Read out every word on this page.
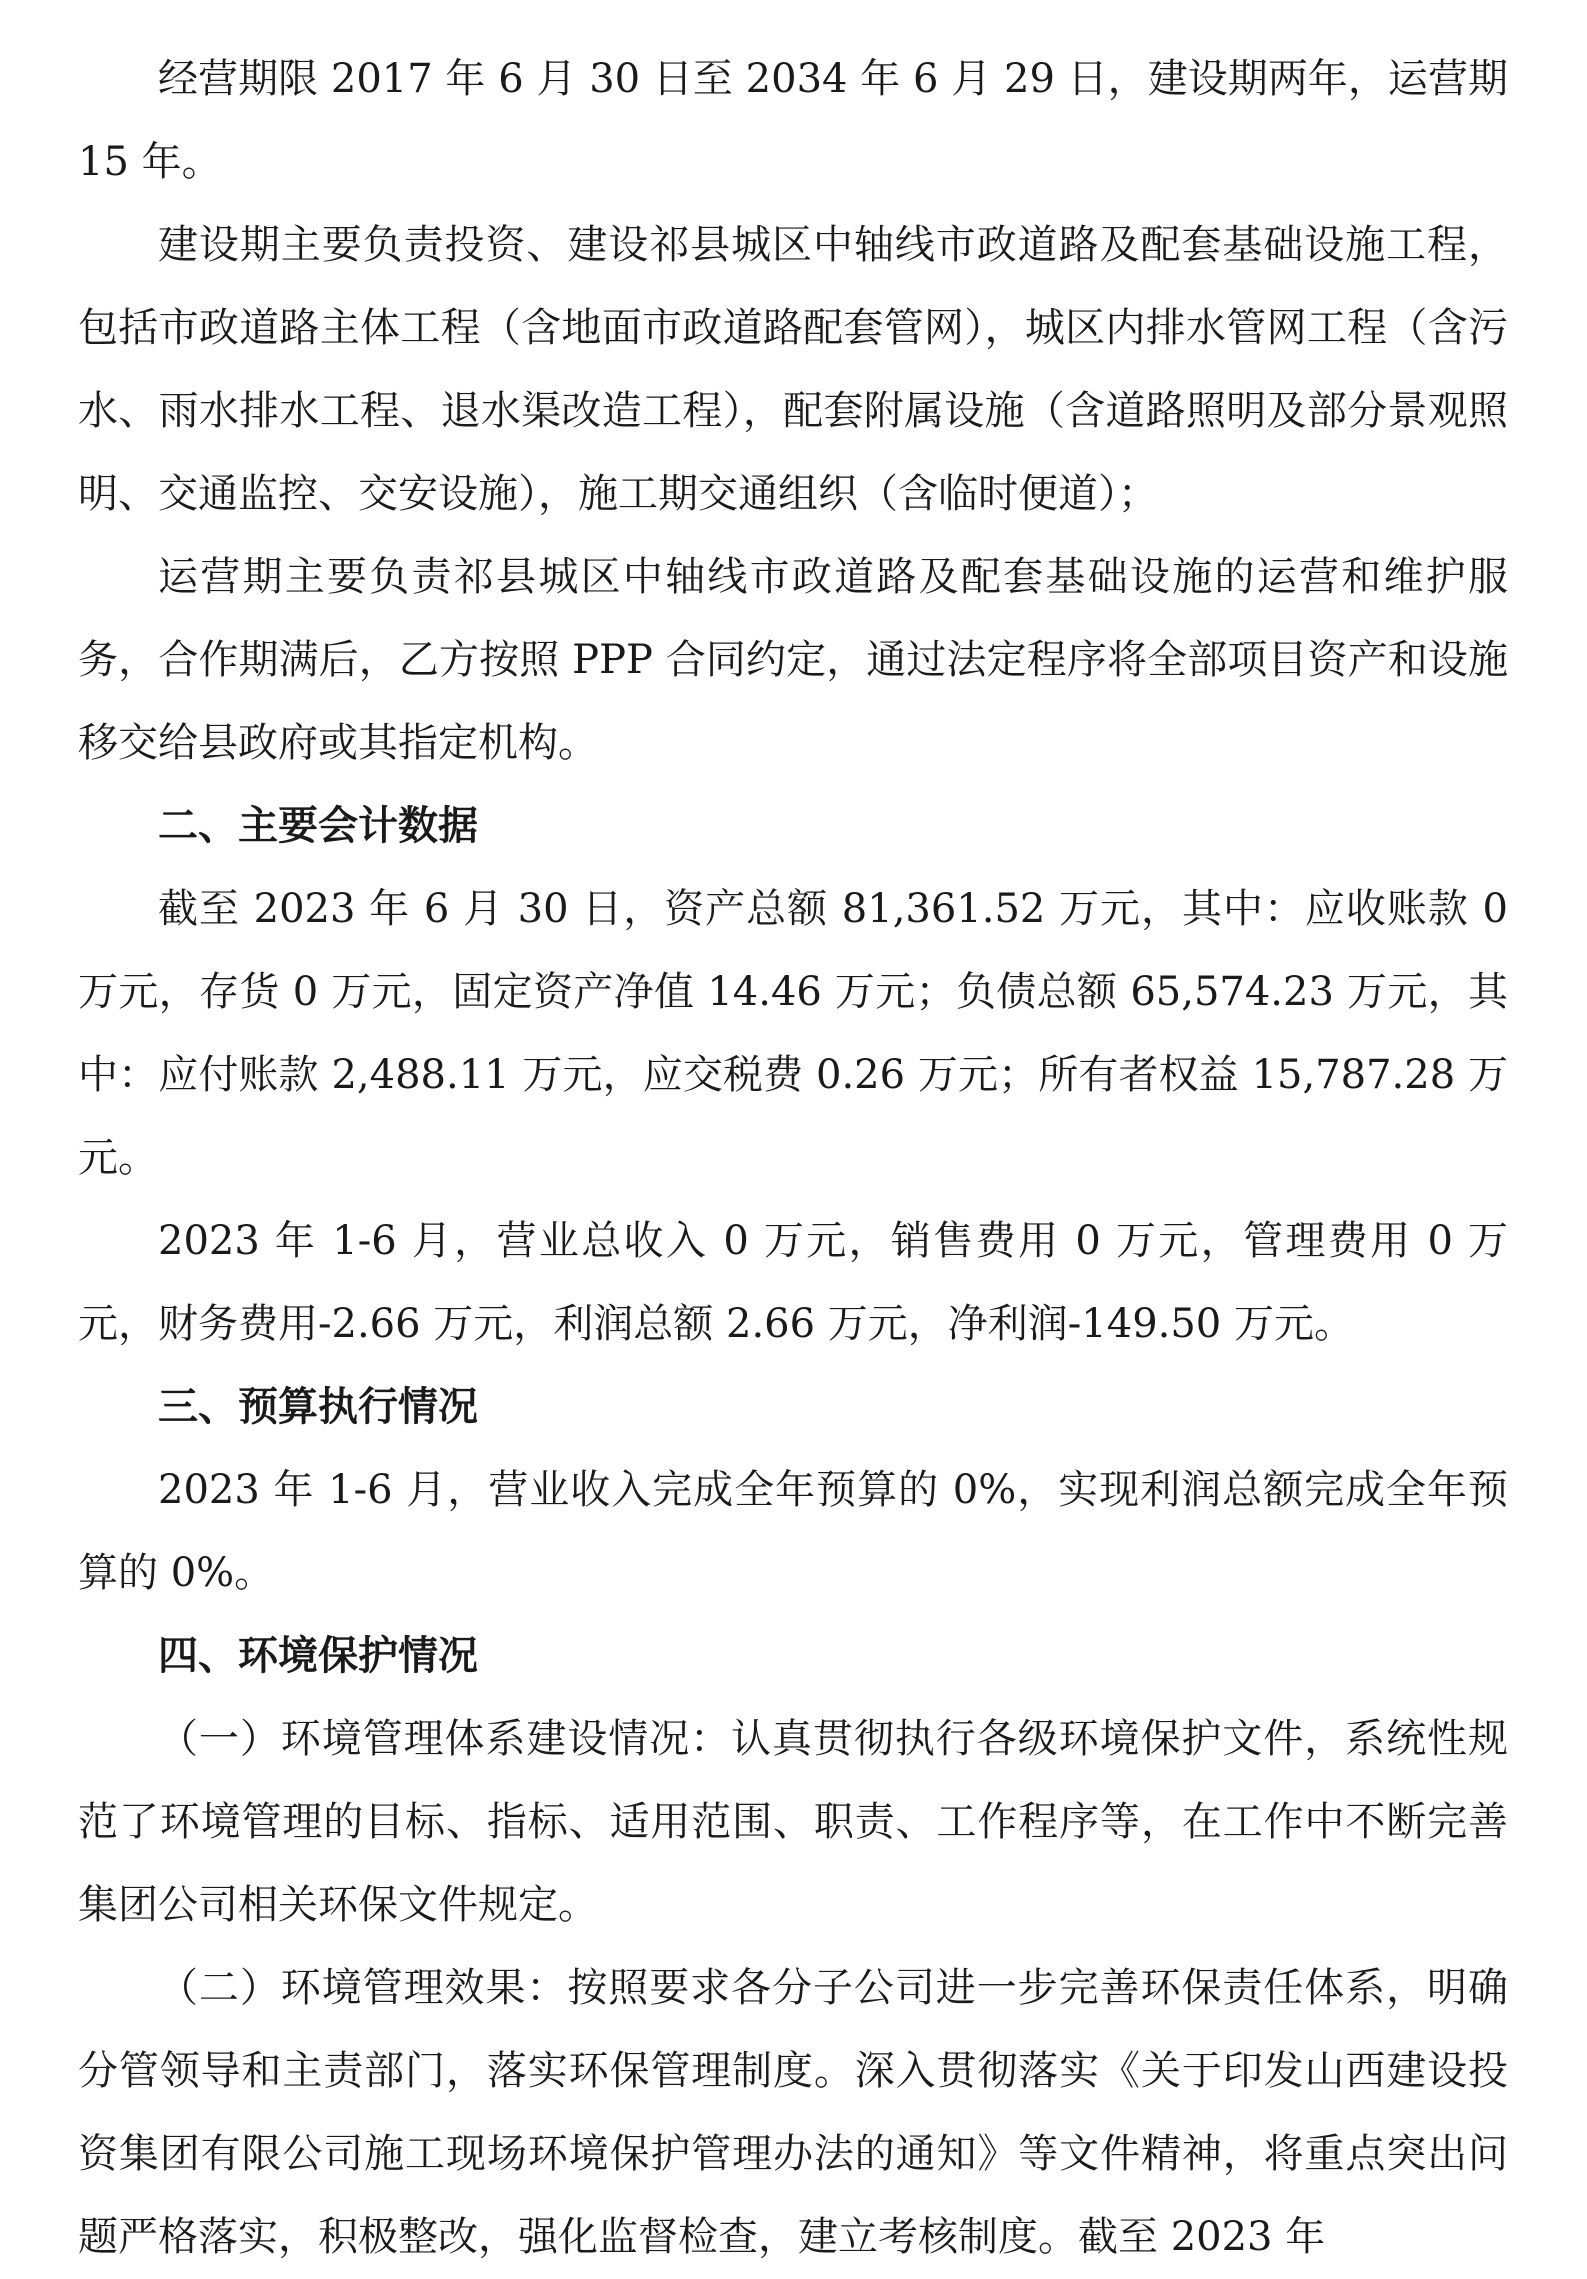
经营期限 2017 年 6 月 30 日至 2034 年 6 月 29 日，建设期两年，运营期 15 年。

建设期主要负责投资、建设祁县城区中轴线市政道路及配套基础设施工程，包括市政道路主体工程（含地面市政道路配套管网），城区内排水管网工程（含污水、雨水排水工程、退水渠改造工程），配套附属设施（含道路照明及部分景观照明、交通监控、交安设施），施工期交通组织（含临时便道）；

运营期主要负责祁县城区中轴线市政道路及配套基础设施的运营和维护服务，合作期满后，乙方按照 PPP 合同约定，通过法定程序将全部项目资产和设施移交给县政府或其指定机构。

二、主要会计数据

截至 2023 年 6 月 30 日，资产总额 81,361.52 万元，其中：应收账款 0 万元，存货 0 万元，固定资产净值 14.46 万元；负债总额 65,574.23 万元，其中：应付账款 2,488.11 万元，应交税费 0.26 万元；所有者权益 15,787.28 万元。

2023 年 1-6 月，营业总收入 0 万元，销售费用 0 万元，管理费用 0 万元，财务费用-2.66 万元，利润总额 2.66 万元，净利润-149.50 万元。

三、预算执行情况

2023 年 1-6 月，营业收入完成全年预算的 0%，实现利润总额完成全年预算的 0%。

四、环境保护情况

（一）环境管理体系建设情况：认真贯彻执行各级环境保护文件，系统性规范了环境管理的目标、指标、适用范围、职责、工作程序等，在工作中不断完善集团公司相关环保文件规定。

（二）环境管理效果：按照要求各分子公司进一步完善环保责任体系，明确分管领导和主责部门，落实环保管理制度。深入贯彻落实《关于印发山西建设投资集团有限公司施工现场环境保护管理办法的通知》等文件精神，将重点突出问题严格落实，积极整改，强化监督检查，建立考核制度。截至 2023 年
